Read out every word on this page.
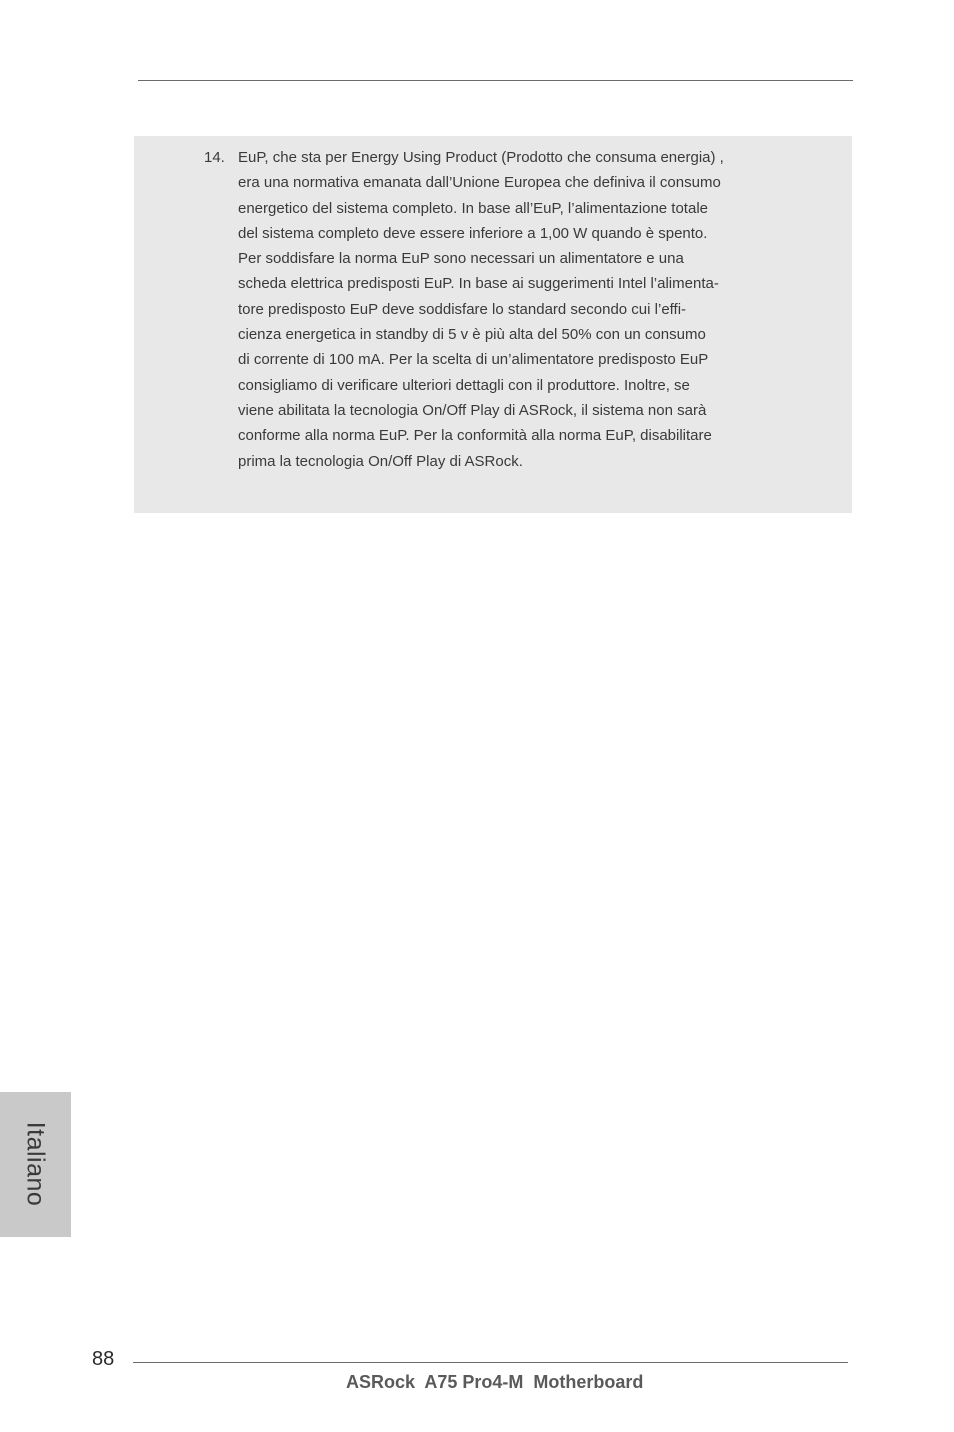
14. EuP, che sta per Energy Using Product (Prodotto che consuma energia) ,
era una normativa emanata dall’Unione Europea che definiva il consumo
energetico del sistema completo. In base all’EuP, l’alimentazione totale
del sistema completo deve essere inferiore a 1,00 W quando è spento.
Per soddisfare la norma EuP sono necessari un alimentatore e una
scheda elettrica predisposti EuP. In base ai suggerimenti Intel l’alimenta-
tore predisposto EuP deve soddisfare lo standard secondo cui l’effi-
cienza energetica in standby di 5 v è più alta del 50% con un consumo
di corrente di 100 mA. Per la scelta di un’alimentatore predisposto EuP
consigliamo di verificare ulteriori dettagli con il produttore. Inoltre, se
viene abilitata la tecnologia On/Off Play di ASRock, il sistema non sarà
conforme alla norma EuP. Per la conformità alla norma EuP, disabilitare
prima la tecnologia On/Off Play di ASRock.
Italiano
88
ASRock  A75 Pro4-M  Motherboard
